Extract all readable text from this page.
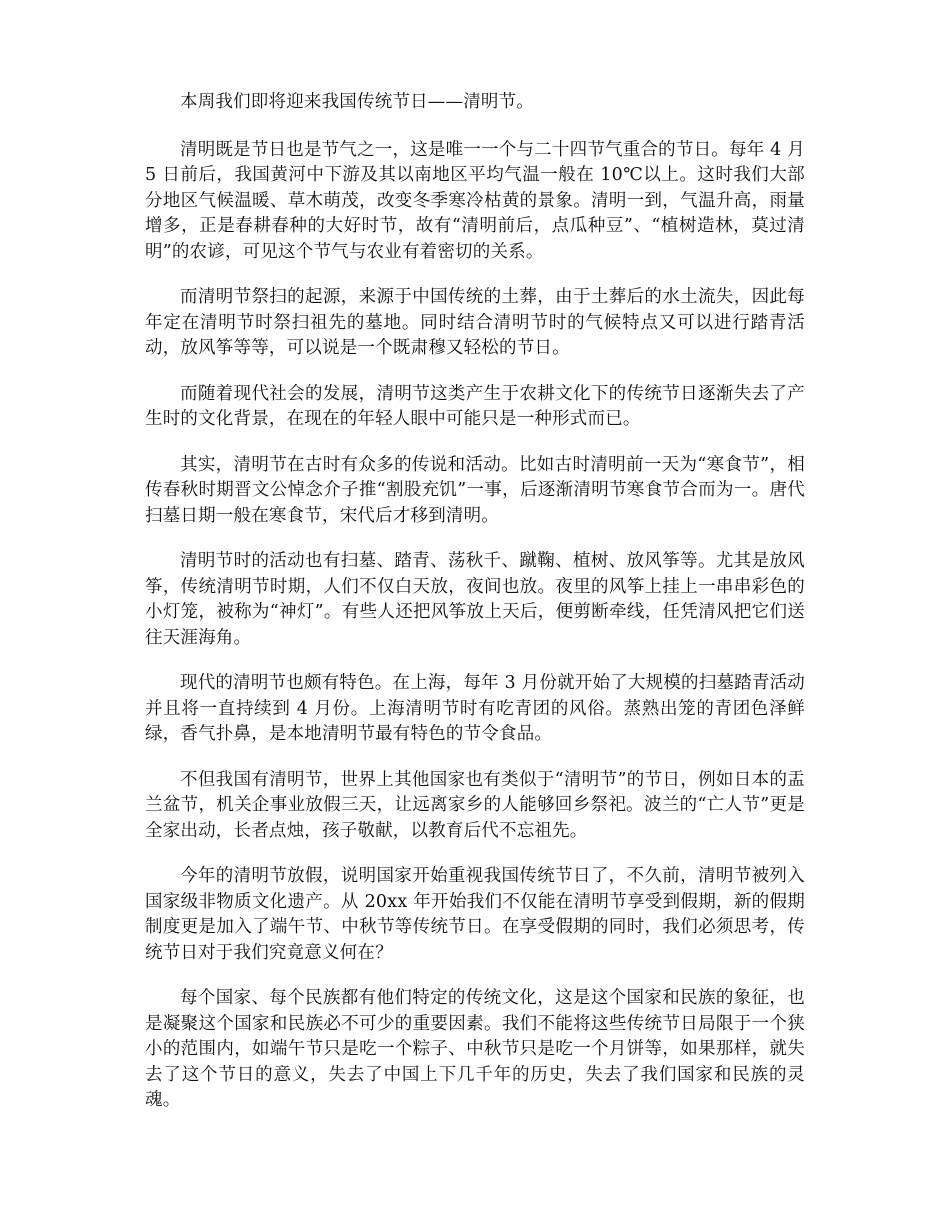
本周我们即将迎来我国传统节日——清明节。

清明既是节日也是节气之一，这是唯一一个与二十四节气重合的节日。每年 4 月 5 日前后，我国黄河中下游及其以南地区平均气温一般在 10℃以上。这时我们大部分地区气候温暖、草木萌茂，改变冬季寒冷枯黄的景象。清明一到，气温升高，雨量增多，正是春耕春种的大好时节，故有“清明前后，点瓜种豆”、“植树造林，莫过清明”的农谚，可见这个节气与农业有着密切的关系。

而清明节祭扫的起源，来源于中国传统的土葬，由于土葬后的水土流失，因此每年定在清明节时祭扫祖先的墓地。同时结合清明节时的气候特点又可以进行踏青活动，放风筝等等，可以说是一个既肃穆又轻松的节日。

而随着现代社会的发展，清明节这类产生于农耕文化下的传统节日逐渐失去了产生时的文化背景，在现在的年轻人眼中可能只是一种形式而已。

其实，清明节在古时有众多的传说和活动。比如古时清明前一天为“寒食节”，相传春秋时期晋文公悼念介子推“割股充饥”一事，后逐渐清明节寒食节合而为一。唐代扫墓日期一般在寒食节，宋代后才移到清明。

清明节时的活动也有扫墓、踏青、荡秋千、蹴鞠、植树、放风筝等。尤其是放风筝，传统清明节时期，人们不仅白天放，夜间也放。夜里的风筝上挂上一串串彩色的小灯笼，被称为“神灯”。有些人还把风筝放上天后，便剪断牵线，任凭清风把它们送往天涯海角。

现代的清明节也颇有特色。在上海，每年 3 月份就开始了大规模的扫墓踏青活动并且将一直持续到 4 月份。上海清明节时有吃青团的风俗。蒸熟出笼的青团色泽鲜绿，香气扑鼻，是本地清明节最有特色的节令食品。

不但我国有清明节，世界上其他国家也有类似于“清明节”的节日，例如日本的盂兰盆节，机关企事业放假三天，让远离家乡的人能够回乡祭祀。波兰的“亡人节”更是全家出动，长者点烛，孩子敬献，以教育后代不忘祖先。

今年的清明节放假，说明国家开始重视我国传统节日了，不久前，清明节被列入国家级非物质文化遗产。从 20xx 年开始我们不仅能在清明节享受到假期，新的假期制度更是加入了端午节、中秋节等传统节日。在享受假期的同时，我们必须思考，传统节日对于我们究竟意义何在？

每个国家、每个民族都有他们特定的传统文化，这是这个国家和民族的象征，也是凝聚这个国家和民族必不可少的重要因素。我们不能将这些传统节日局限于一个狭小的范围内，如端午节只是吃一个粽子、中秋节只是吃一个月饼等，如果那样，就失去了这个节日的意义，失去了中国上下几千年的历史，失去了我们国家和民族的灵魂。
